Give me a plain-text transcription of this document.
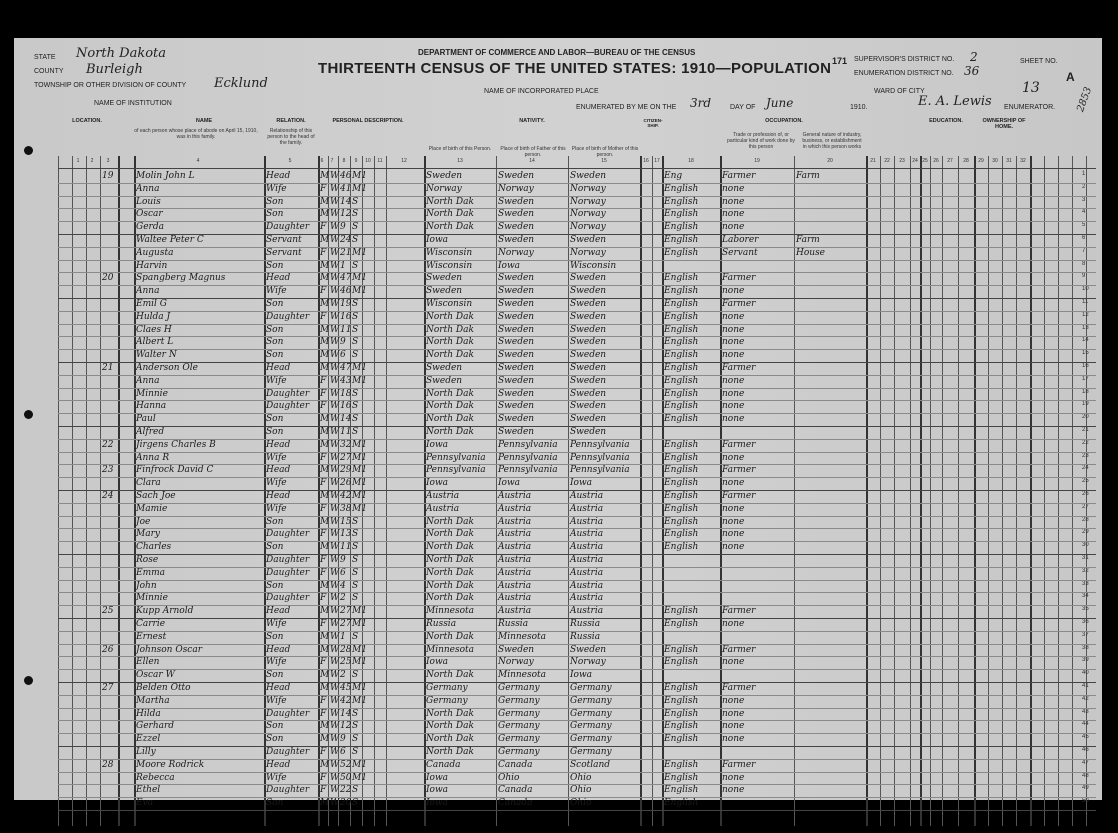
STATE North Dakota
COUNTY Burleigh
TOWNSHIP OR OTHER DIVISION OF COUNTY Ecklund
NAME OF INSTITUTION
DEPARTMENT OF COMMERCE AND LABOR—BUREAU OF THE CENSUS
THIRTEENTH CENSUS OF THE UNITED STATES: 1910—POPULATION
NAME OF INCORPORATED PLACE
ENUMERATED BY ME ON THE 3rd	DAY OF June	1910.	E. A. Lewis ENUMERATOR.
171 SUPERVISOR'S DISTRICT NO. 2
ENUMERATION DISTRICT NO. 36
WARD OF CITY
SHEET NO.
13
A
2853
LOCATION.	NAME	RELATION.	PERSONAL DESCRIPTION.	NATIVITY.	CITIZEN-SHIP.
OCCUPATION.	EDUCATION.	OWNERSHIP OF HOME.
of each person whose place of abode on April 15, 1910, was in this family.
Relationship of this person to the head of the family.
Place of birth of this Person.	Place of birth of Father of this person.
Place of birth of Mother of this person.
Trade or profession of, or particular kind of work done by this person
General nature of industry, business, or establishment in which this person works
1
19	Molin John L	Head	M W 46 M1	Sweden	Sweden	Sweden	Eng	Farmer	Farm
2
Anna	Wife	F W 41 M1	Norway	Norway	Norway	English	none
3
Louis	Son	M W 14 S	North Dak	Sweden	Norway	English	none
4
Oscar	Son	M W 12 S	North Dak	Sweden	Norway	English	none
5
Gerda	Daughter	F W 9 S	North Dak	Sweden	Norway	English	none
6
Waltee Peter C	Servant	M W 24 S	Iowa	Sweden	Sweden	English	Laborer	Farm
7
Augusta	Servant	F W 21 M1	Wisconsin	Norway	Norway	English	Servant	House
8
Harvin	Son	M W 1 S	Wisconsin	Iowa	Wisconsin
9
20	Spangberg Magnus	Head	M W 47 M1	Sweden	Sweden	Sweden	English	Farmer
10
Anna	Wife	F W 46 M1	Sweden	Sweden	Sweden	English	none
11
Emil G	Son	M W 19 S	Wisconsin	Sweden	Sweden	English	Farmer
12
Hulda J	Daughter	F W 16 S	North Dak	Sweden	Sweden	English	none
13
Claes H	Son	M W 11 S	North Dak	Sweden	Sweden	English	none
14
Albert L	Son	M W 9 S	North Dak	Sweden	Sweden	English	none
15
Walter N	Son	M W 6 S	North Dak	Sweden	Sweden	English	none
16
21	Anderson Ole	Head	M W 47 M1	Sweden	Sweden	Sweden	English	Farmer
17
Anna	Wife	F W 43 M1	Sweden	Sweden	Sweden	English	none
18
Minnie	Daughter	F W 18 S	North Dak	Sweden	Sweden	English	none
19
Hanna	Daughter	F W 16 S	North Dak	Sweden	Sweden	English	none
20
Paul	Son	M W 14 S	North Dak	Sweden	Sweden	English	none
21
Alfred	Son	M W 11 S	North Dak	Sweden	Sweden
22
22	Jirgens Charles B	Head	M W 32 M1	Iowa	Pennsylvania	Pennsylvania	English	Farmer
23
Anna R	Wife	F W 27 M1	Pennsylvania	Pennsylvania	Pennsylvania	English	none
24
23	Finfrock David C	Head	M W 29 M1	Pennsylvania	Pennsylvania	Pennsylvania	English	Farmer
25
Clara	Wife	F W 26 M1	Iowa	Iowa	Iowa	English	none
26
24	Sach Joe	Head	M W 42 M1	Austria	Austria	Austria	English	Farmer
27
Mamie	Wife	F W 38 M1	Austria	Austria	Austria	English	none
28
Joe	Son	M W 15 S	North Dak	Austria	Austria	English	none
29
Mary	Daughter	F W 13 S	North Dak	Austria	Austria	English	none
30
Charles	Son	M W 11 S	North Dak	Austria	Austria	English	none
31
Rose	Daughter	F W 9 S	North Dak	Austria	Austria
32
Emma	Daughter	F W 6 S	North Dak	Austria	Austria
33
John	Son	M W 4 S	North Dak	Austria	Austria
34
Minnie	Daughter	F W 2 S	North Dak	Austria	Austria
35
25	Kupp Arnold	Head	M W 27 M1	Minnesota	Austria	Austria	English	Farmer
36
Carrie	Wife	F W 27 M1	Russia	Russia	Russia	English	none
37
Ernest	Son	M W 1 S	North Dak	Minnesota	Russia
38
26	Johnson Oscar	Head	M W 28 M1	Minnesota	Sweden	Sweden	English	Farmer
39
Ellen	Wife	F W 25 M1	Iowa	Norway	Norway	English	none
40
Oscar W	Son	M W 2 S	North Dak	Minnesota	Iowa
41
27	Belden Otto	Head	M W 45 M1	Germany	Germany	Germany	English	Farmer
42
Martha	Wife	F W 42 M1	Germany	Germany	Germany	English	none
43
Hilda	Daughter	F W 14 S	North Dak	Germany	Germany	English	none
44
Gerhard	Son	M W 12 S	North Dak	Germany	Germany	English	none
45
Ezzel	Son	M W 9 S	North Dak	Germany	Germany	English	none
46
Lilly	Daughter	F W 6 S	North Dak	Germany	Germany
47
28	Moore Rodrick	Head	M W 52 M1	Canada	Canada	Scotland	English	Farmer
48
Rebecca	Wife	F W 50 M1	Iowa	Ohio	Ohio	English	none
49
Ethel	Daughter	F W 22 S	Iowa	Canada	Ohio	English	none
50
Eva	Son	M W 20 S	Iowa	Canada	Ohio	English
1	2	3	4	5	6	7	8	9	10	11	12	13	14	15	16	17	18	19	20	21	22	23	24 25	26	27	28	29	30	31	32
